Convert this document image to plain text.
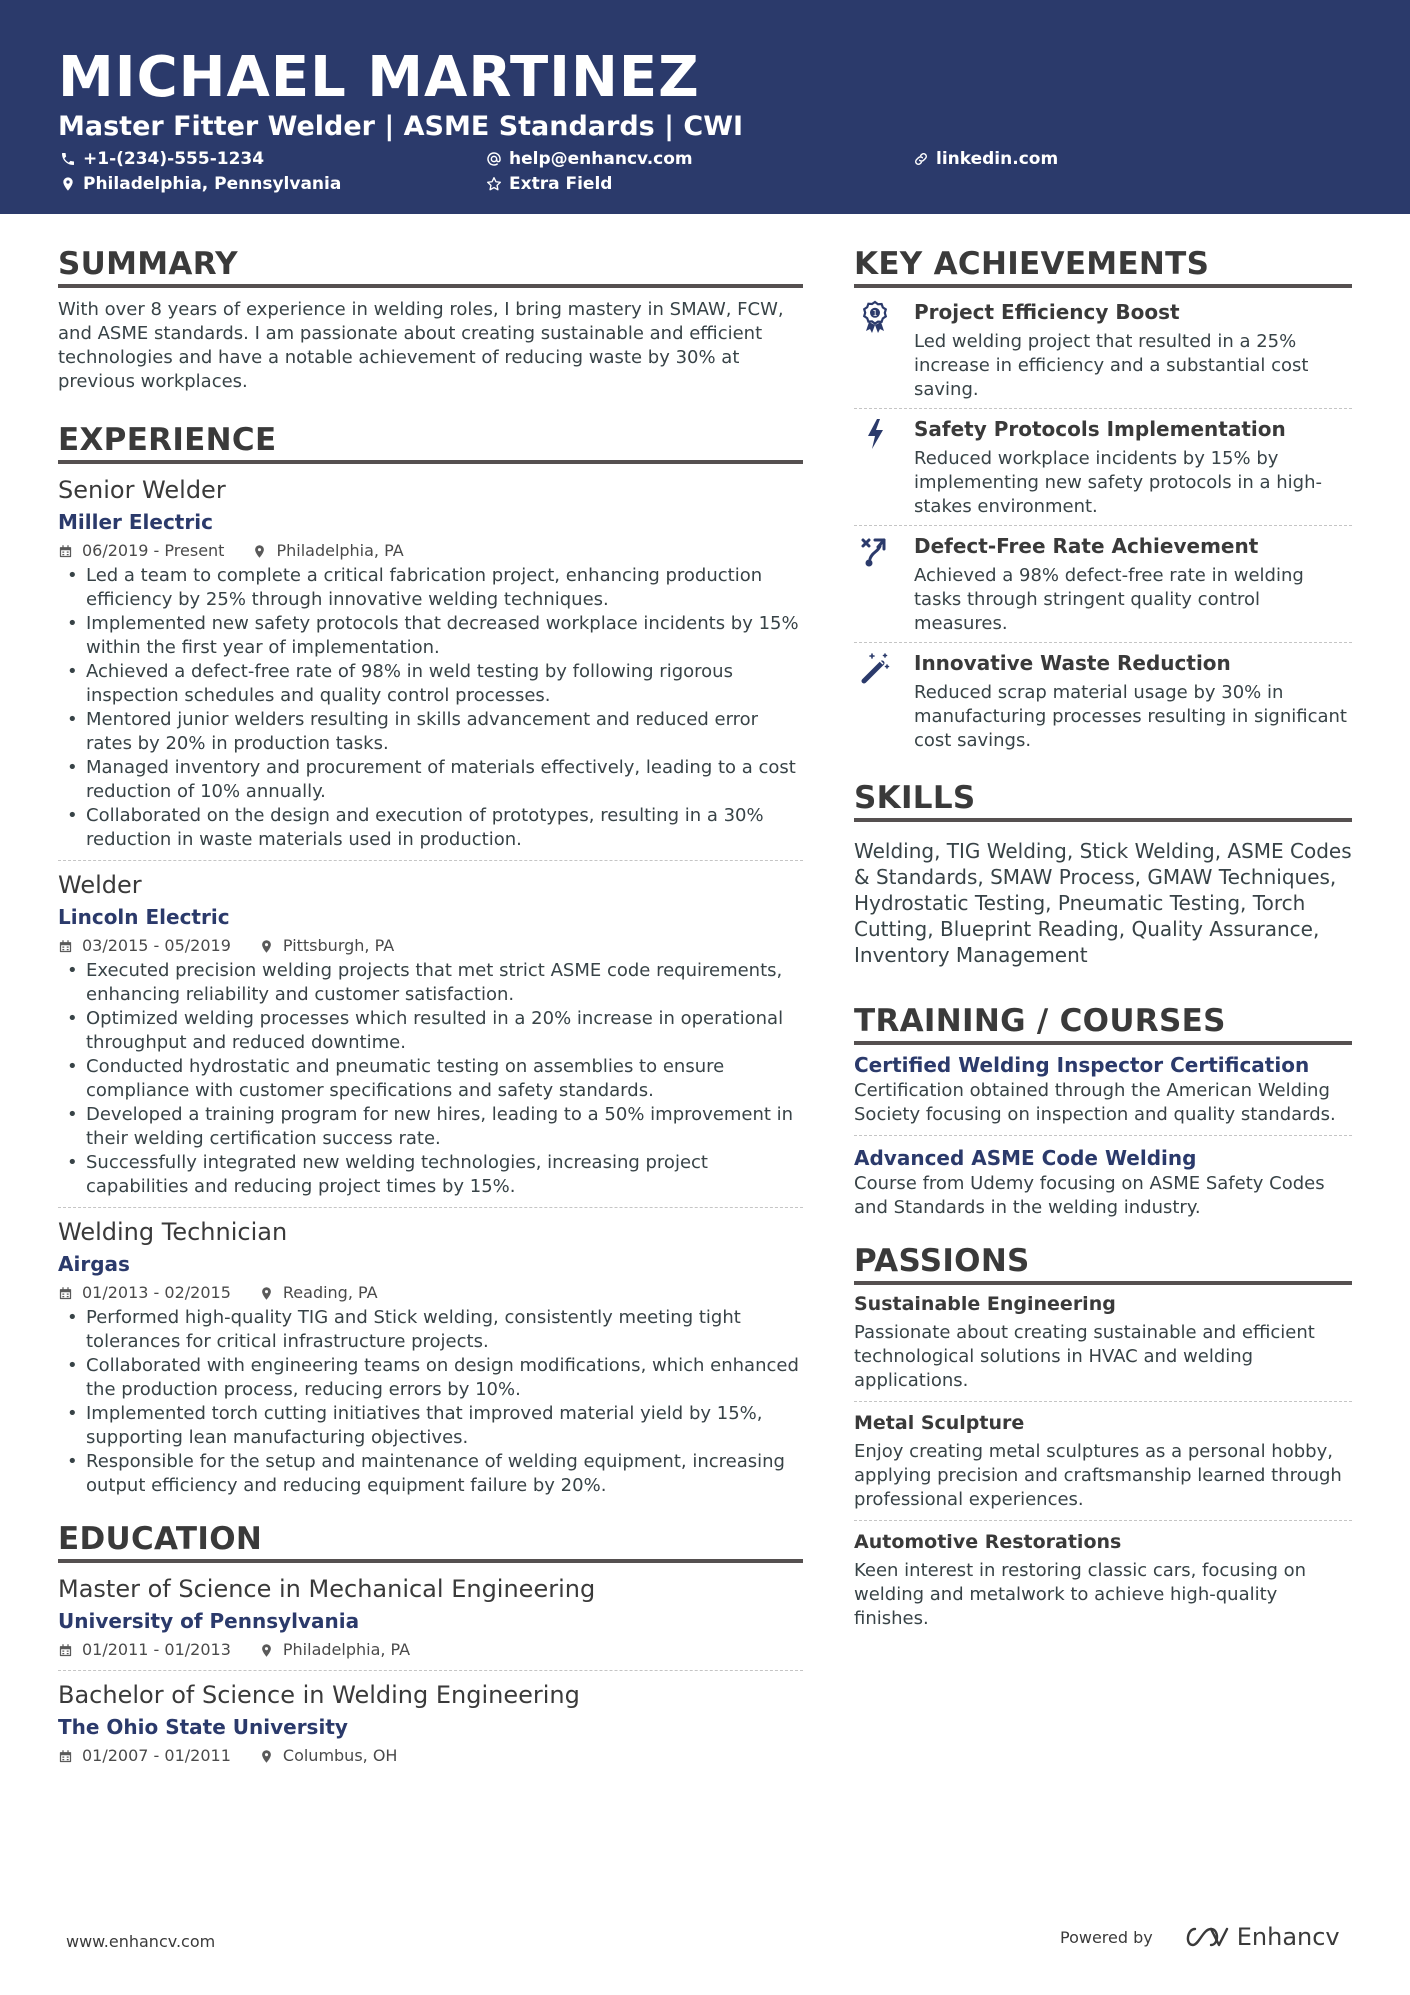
MICHAEL MARTINEZ
Master Fitter Welder | ASME Standards | CWI
+1-(234)-555-1234	help@enhancv.com	linkedin.com
Philadelphia, Pennsylvania	Extra Field
SUMMARY
With over 8 years of experience in welding roles, I bring mastery in SMAW, FCW, and ASME standards. I am passionate about creating sustainable and efficient technologies and have a notable achievement of reducing waste by 30% at previous workplaces.
EXPERIENCE
Senior Welder
Miller Electric
06/2019 - Present	Philadelphia, PA
• Led a team to complete a critical fabrication project, enhancing production efficiency by 25% through innovative welding techniques.
• Implemented new safety protocols that decreased workplace incidents by 15% within the first year of implementation.
• Achieved a defect-free rate of 98% in weld testing by following rigorous inspection schedules and quality control processes.
• Mentored junior welders resulting in skills advancement and reduced error rates by 20% in production tasks.
• Managed inventory and procurement of materials effectively, leading to a cost reduction of 10% annually.
• Collaborated on the design and execution of prototypes, resulting in a 30% reduction in waste materials used in production.
Welder
Lincoln Electric
03/2015 - 05/2019	Pittsburgh, PA
• Executed precision welding projects that met strict ASME code requirements, enhancing reliability and customer satisfaction.
• Optimized welding processes which resulted in a 20% increase in operational throughput and reduced downtime.
• Conducted hydrostatic and pneumatic testing on assemblies to ensure compliance with customer specifications and safety standards.
• Developed a training program for new hires, leading to a 50% improvement in their welding certification success rate.
• Successfully integrated new welding technologies, increasing project capabilities and reducing project times by 15%.
Welding Technician
Airgas
01/2013 - 02/2015	Reading, PA
• Performed high-quality TIG and Stick welding, consistently meeting tight tolerances for critical infrastructure projects.
• Collaborated with engineering teams on design modifications, which enhanced the production process, reducing errors by 10%.
• Implemented torch cutting initiatives that improved material yield by 15%, supporting lean manufacturing objectives.
• Responsible for the setup and maintenance of welding equipment, increasing output efficiency and reducing equipment failure by 20%.
EDUCATION
Master of Science in Mechanical Engineering
University of Pennsylvania
01/2011 - 01/2013	Philadelphia, PA
Bachelor of Science in Welding Engineering
The Ohio State University
01/2007 - 01/2011	Columbus, OH
KEY ACHIEVEMENTS
1 Project Efficiency Boost
Led welding project that resulted in a 25% increase in efficiency and a substantial cost saving.
Safety Protocols Implementation
Reduced workplace incidents by 15% by implementing new safety protocols in a high-stakes environment.
Defect-Free Rate Achievement
Achieved a 98% defect-free rate in welding tasks through stringent quality control measures.
Innovative Waste Reduction
Reduced scrap material usage by 30% in manufacturing processes resulting in significant cost savings.
SKILLS
Welding, TIG Welding, Stick Welding, ASME Codes & Standards, SMAW Process, GMAW Techniques, Hydrostatic Testing, Pneumatic Testing, Torch Cutting, Blueprint Reading, Quality Assurance, Inventory Management
TRAINING / COURSES
Certified Welding Inspector Certification
Certification obtained through the American Welding Society focusing on inspection and quality standards.
Advanced ASME Code Welding
Course from Udemy focusing on ASME Safety Codes and Standards in the welding industry.
PASSIONS
Sustainable Engineering
Passionate about creating sustainable and efficient technological solutions in HVAC and welding applications.
Metal Sculpture
Enjoy creating metal sculptures as a personal hobby, applying precision and craftsmanship learned through professional experiences.
Automotive Restorations
Keen interest in restoring classic cars, focusing on welding and metalwork to achieve high-quality finishes.
www.enhancv.com	Powered by	Enhancv
